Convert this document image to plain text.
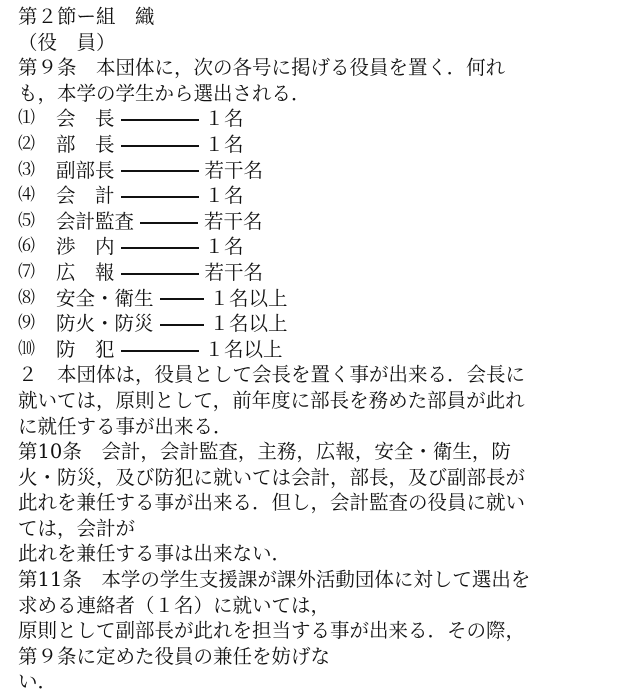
第２節ー組　織
（役　員）
第９条　本団体に，次の各号に掲げる役員を置く．何れ
も，本学の学生から選出される．
⑴	会　長	１名
⑵	部　長	１名
⑶	副部長	若干名
⑷	会　計	１名
⑸	会計監査	若干名
⑹	渉　内	１名
⑺	広　報	若干名
⑻	安全・衛生	１名以上
⑼	防火・防災	１名以上
⑽	防　犯	１名以上
２　本団体は，役員として会長を置く事が出来る．会長に
就いては，原則として，前年度に部長を務めた部員が此れ
に就任する事が出来る．
第10条　会計，会計監査，主務，広報，安全・衛生，防
火・防災，及び防犯に就いては会計，部長，及び副部長が
此れを兼任する事が出来る．但し，会計監査の役員に就い
ては，会計が
此れを兼任する事は出来ない．
第11条　本学の学生支援課が課外活動団体に対して選出を
求める連絡者（１名）に就いては，
原則として副部長が此れを担当する事が出来る．その際，
第９条に定めた役員の兼任を妨げな
い．
